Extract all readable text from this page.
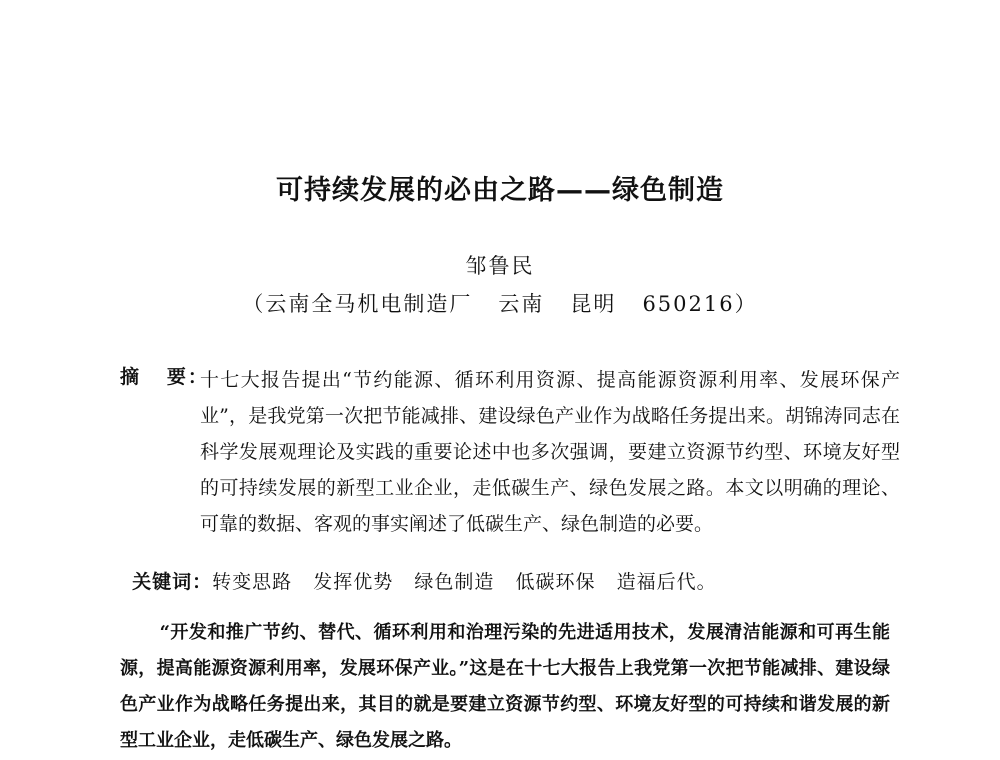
可持续发展的必由之路——绿色制造
邹鲁民
（云南全马机电制造厂   云南   昆明   650216）
摘   要：
十七大报告提出“节约能源、循环利用资源、提高能源资源利用率、发展环保产业”，是我党第一次把节能减排、建设绿色产业作为战略任务提出来。胡锦涛同志在科学发展观理论及实践的重要论述中也多次强调，要建立资源节约型、环境友好型的可持续发展的新型工业企业，走低碳生产、绿色发展之路。本文以明确的理论、可靠的数据、客观的事实阐述了低碳生产、绿色制造的必要。

关键词：转变思路   发挥优势   绿色制造   低碳环保   造福后代。

“开发和推广节约、替代、循环利用和治理污染的先进适用技术，发展清洁能源和可再生能源，提高能源资源利用率，发展环保产业。”这是在十七大报告上我党第一次把节能减排、建设绿色产业作为战略任务提出来，其目的就是要建立资源节约型、环境友好型的可持续和谐发展的新型工业企业，走低碳生产、绿色发展之路。
